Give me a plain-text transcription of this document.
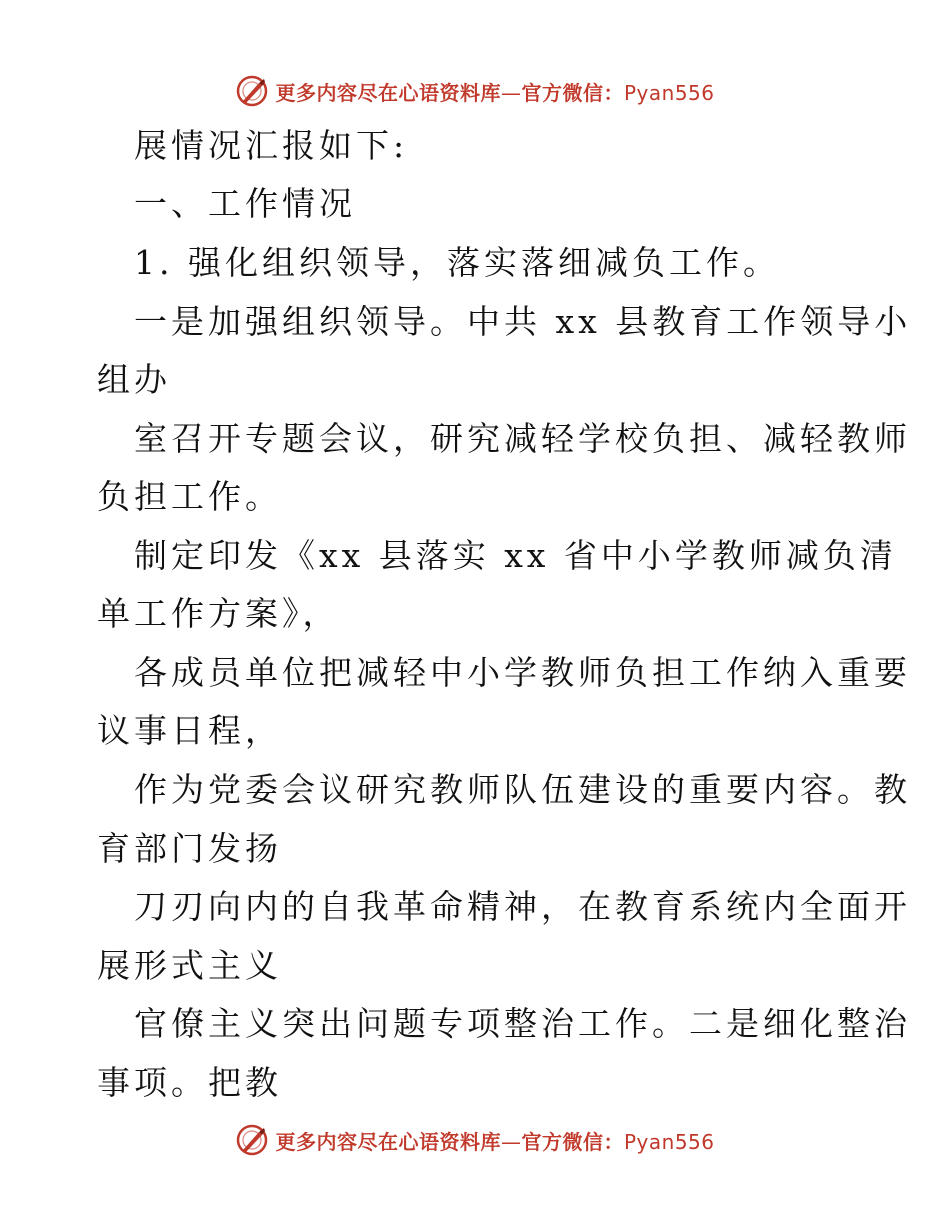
更多内容尽在心语资料库—官方微信：Pyan556
展情况汇报如下:
一、工作情况
1. 强化组织领导，落实落细减负工作。
一是加强组织领导。中共 xx 县教育工作领导小
组办
室召开专题会议，研究减轻学校负担、减轻教师
负担工作。
制定印发《xx 县落实 xx 省中小学教师减负清
单工作方案》，
各成员单位把减轻中小学教师负担工作纳入重要
议事日程，
作为党委会议研究教师队伍建设的重要内容。教
育部门发扬
刀刃向内的自我革命精神，在教育系统内全面开
展形式主义
官僚主义突出问题专项整治工作。二是细化整治
事项。把教
更多内容尽在心语资料库—官方微信：Pyan556
